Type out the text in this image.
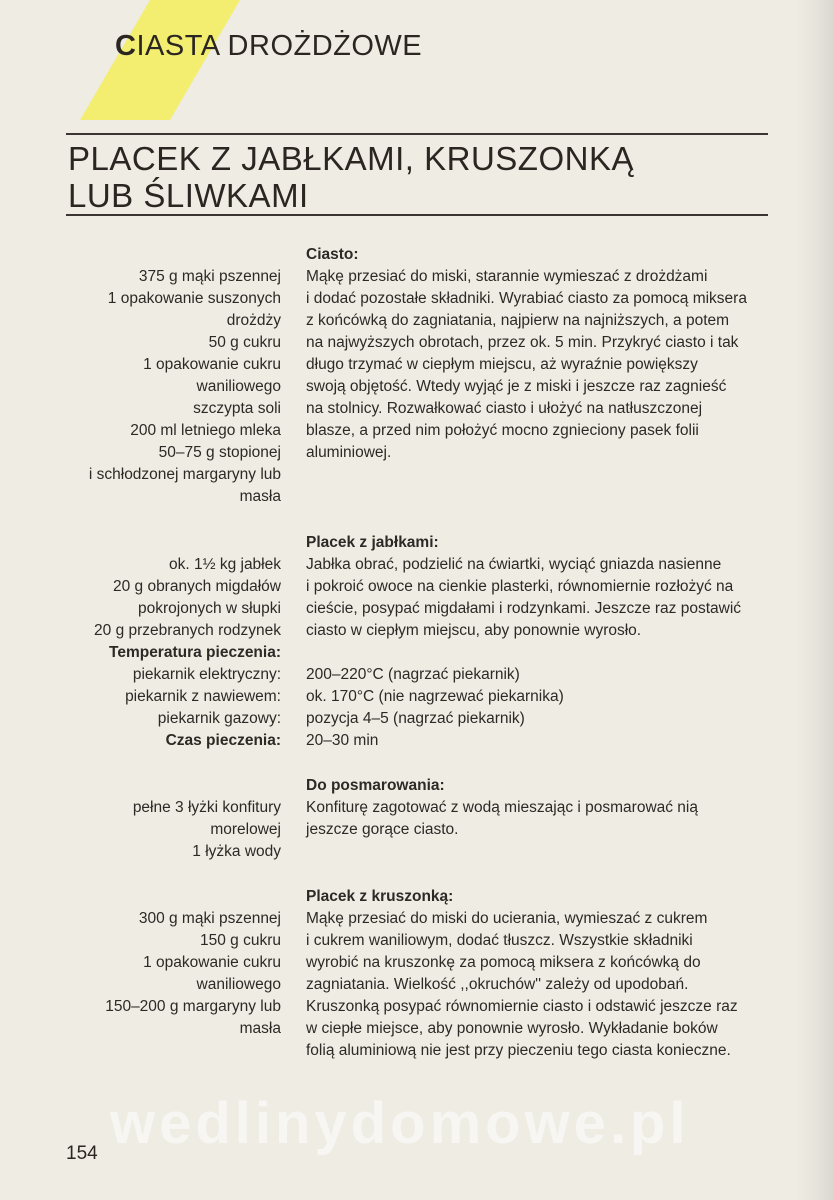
CIASTA DROŻDŻOWE
PLACEK Z JABŁKAMI, KRUSZONKĄ
LUB ŚLIWKAMI
375 g mąki pszennej
1 opakowanie suszonych
drożdży
50 g cukru
1 opakowanie cukru
waniliowego
szczypta soli
200 ml letniego mleka
50–75 g stopionej
i schłodzonej margaryny lub
masła
Ciasto:
Mąkę przesiać do miski, starannie wymieszać z drożdżami
i dodać pozostałe składniki. Wyrabiać ciasto za pomocą miksera
z końcówką do zagniatania, najpierw na najniższych, a potem
na najwyższych obrotach, przez ok. 5 min. Przykryć ciasto i tak
długo trzymać w ciepłym miejscu, aż wyraźnie powiększy
swoją objętość. Wtedy wyjąć je z miski i jeszcze raz zagnieść
na stolnicy. Rozwałkować ciasto i ułożyć na natłuszczonej
blasze, a przed nim położyć mocno zgnieciony pasek folii
aluminiowej.
ok. 1½ kg jabłek
20 g obranych migdałów
pokrojonych w słupki
20 g przebranych rodzynek
Temperatura pieczenia:
piekarnik elektryczny:
piekarnik z nawiewem:
piekarnik gazowy:
Czas pieczenia:
Placek z jabłkami:
Jabłka obrać, podzielić na ćwiartki, wyciąć gniazda nasienne
i pokroić owoce na cienkie plasterki, równomiernie rozłożyć na
cieście, posypać migdałami i rodzynkami. Jeszcze raz postawić
ciasto w ciepłym miejscu, aby ponownie wyrosło.
200–220°C (nagrzać piekarnik)
ok. 170°C (nie nagrzewać piekarnika)
pozycja 4–5 (nagrzać piekarnik)
20–30 min
pełne 3 łyżki konfitury
morelowej
1 łyżka wody
Do posmarowania:
Konfiturę zagotować z wodą mieszając i posmarować nią
jeszcze gorące ciasto.
300 g mąki pszennej
150 g cukru
1 opakowanie cukru
waniliowego
150–200 g margaryny lub
masła
Placek z kruszonką:
Mąkę przesiać do miski do ucierania, wymieszać z cukrem
i cukrem waniliowym, dodać tłuszcz. Wszystkie składniki
wyrobić na kruszonkę za pomocą miksera z końcówką do
zagniatania. Wielkość ,,okruchów'' zależy od upodobań.
Kruszonką posypać równomiernie ciasto i odstawić jeszcze raz
w ciepłe miejsce, aby ponownie wyrosło. Wykładanie boków
folią aluminiową nie jest przy pieczeniu tego ciasta konieczne.
wedlinydomowe.pl
154
